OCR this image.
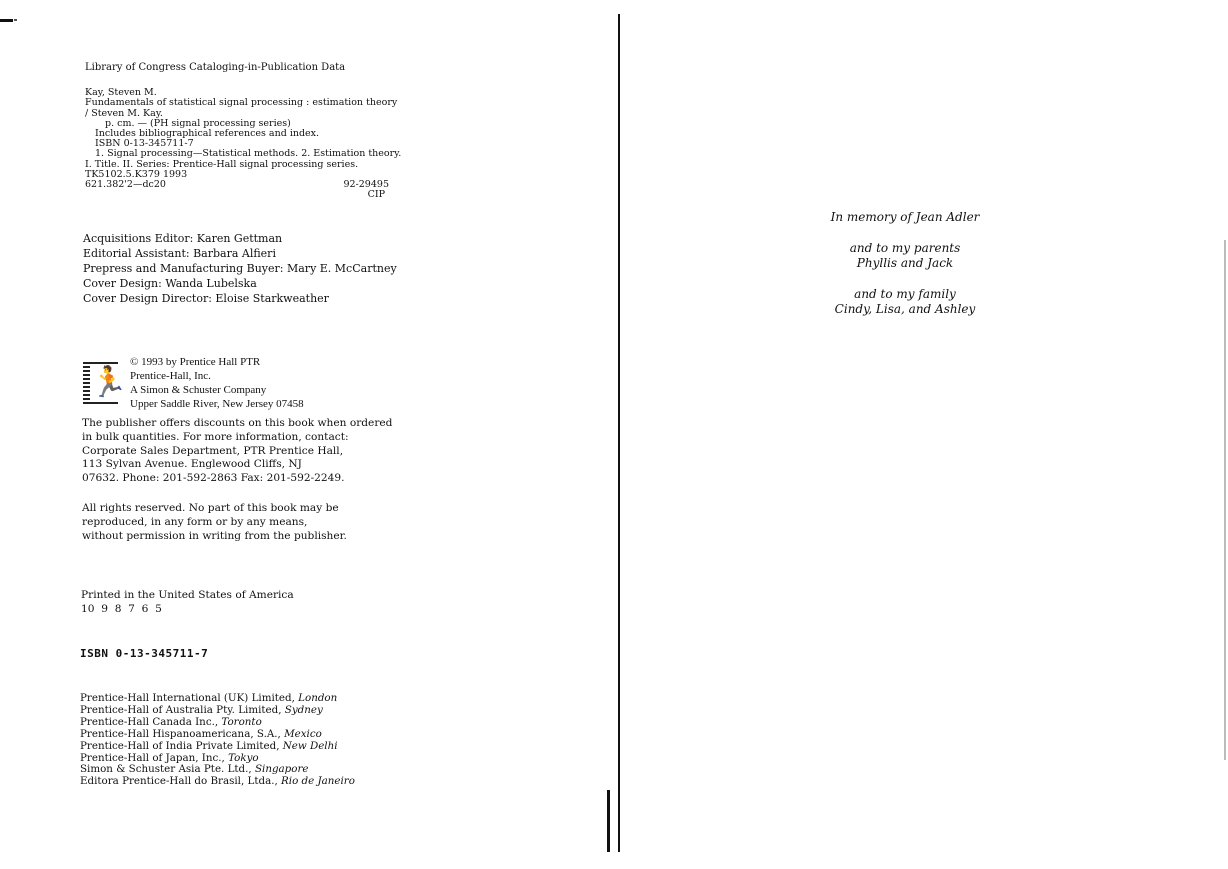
Library of Congress Cataloging-in-Publication Data
Kay, Steven M.
Fundamentals of statistical signal processing : estimation theory
/ Steven M. Kay.
p. cm. — (PH signal processing series)
Includes bibliographical references and index.
ISBN 0-13-345711-7
1. Signal processing—Statistical methods. 2. Estimation theory.
I. Title. II. Series: Prentice-Hall signal processing series.
TK5102.5.K379 1993
621.382'2—dc20	92-29495
CIP
Acquisitions Editor: Karen Gettman
Editorial Assistant: Barbara Alfieri
Prepress and Manufacturing Buyer: Mary E. McCartney
Cover Design: Wanda Lubelska
Cover Design Director: Eloise Starkweather
🏃
© 1993 by Prentice Hall PTR
Prentice-Hall, Inc.
A Simon & Schuster Company
Upper Saddle River, New Jersey 07458
The publisher offers discounts on this book when ordered
in bulk quantities. For more information, contact:
Corporate Sales Department, PTR Prentice Hall,
113 Sylvan Avenue. Englewood Cliffs, NJ
07632. Phone: 201-592-2863 Fax: 201-592-2249.
All rights reserved. No part of this book may be
reproduced, in any form or by any means,
without permission in writing from the publisher.
Printed in the United States of America
10  9  8  7  6  5
ISBN 0-13-345711-7
Prentice-Hall International (UK) Limited, London
Prentice-Hall of Australia Pty. Limited, Sydney
Prentice-Hall Canada Inc., Toronto
Prentice-Hall Hispanoamericana, S.A., Mexico
Prentice-Hall of India Private Limited, New Delhi
Prentice-Hall of Japan, Inc., Tokyo
Simon & Schuster Asia Pte. Ltd., Singapore
Editora Prentice-Hall do Brasil, Ltda., Rio de Janeiro
In memory of Jean Adler
and to my parents
Phyllis and Jack
and to my family
Cindy, Lisa, and Ashley
